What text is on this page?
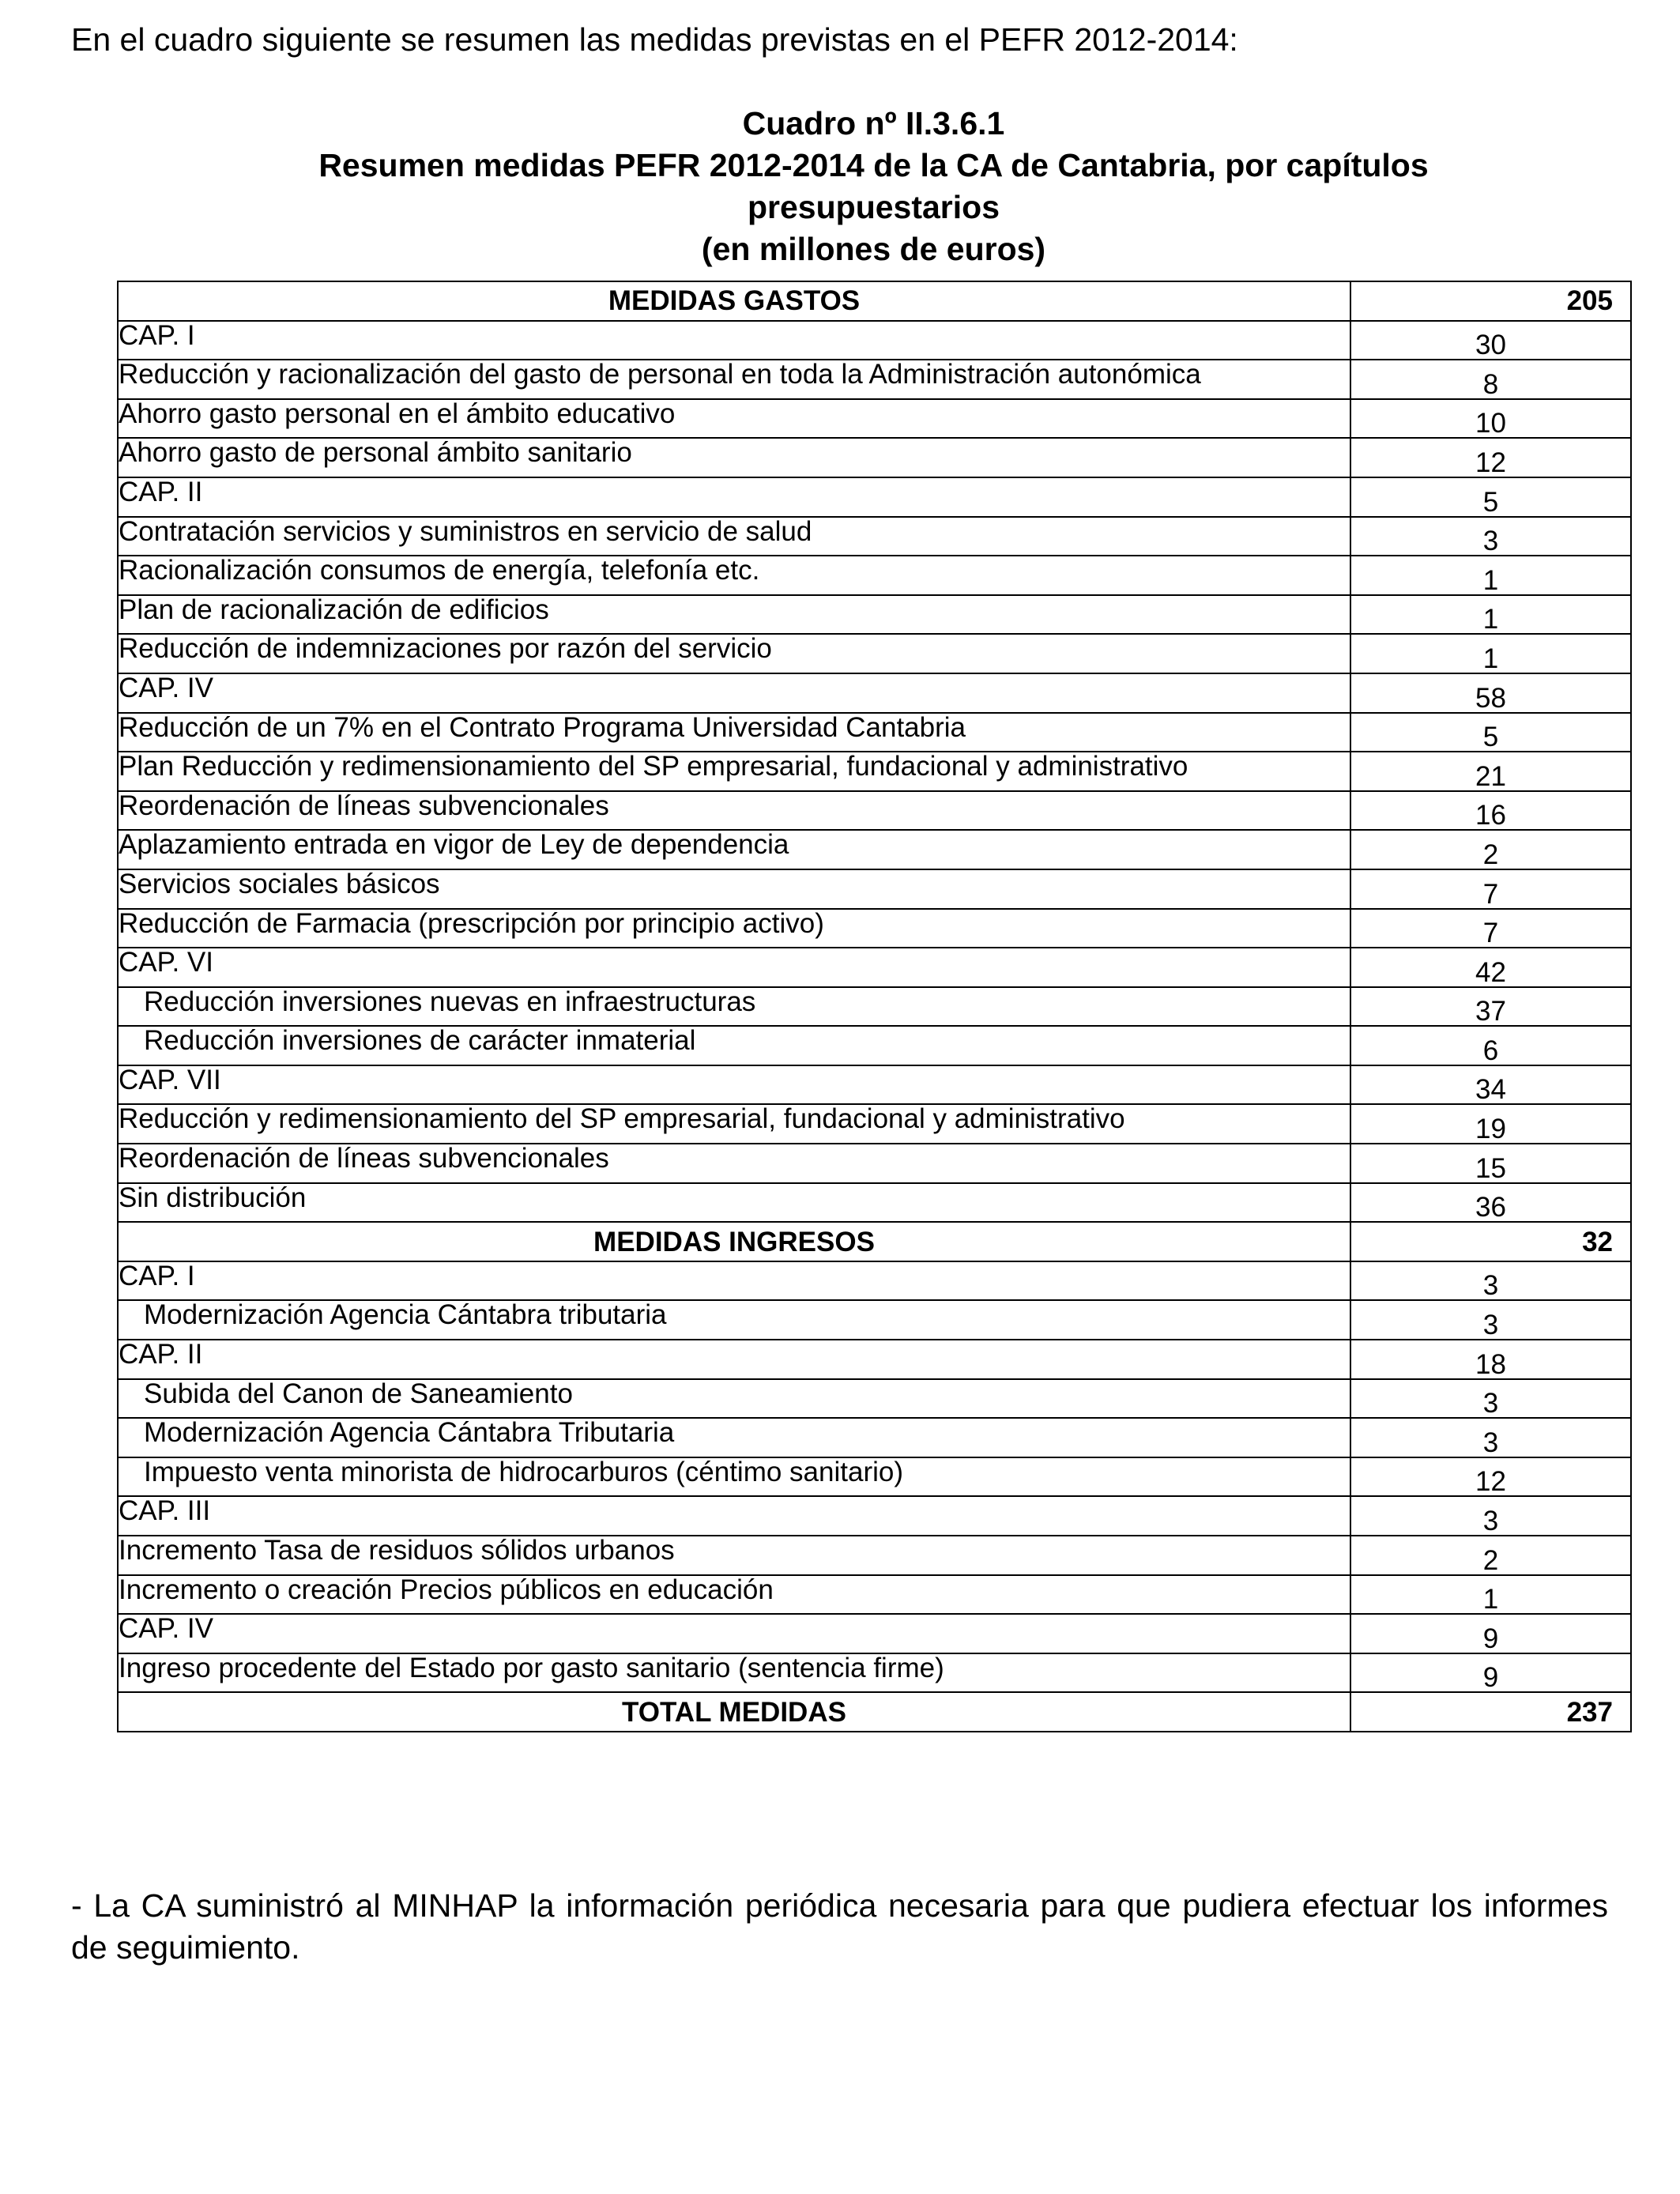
En el cuadro siguiente se resumen las medidas previstas en el PEFR 2012-2014:

Cuadro nº II.3.6.1
Resumen medidas PEFR 2012-2014 de la CA de Cantabria, por capítulos
presupuestarios
(en millones de euros)
MEDIDAS GASTOS	205
CAP. I	30
Reducción y racionalización del gasto de personal en toda la Administración autonómica	8
Ahorro gasto personal en el ámbito educativo	10
Ahorro gasto de personal ámbito sanitario	12
CAP. II	5
Contratación servicios y suministros en servicio de salud	3
Racionalización consumos de energía, telefonía etc.	1
Plan de racionalización de edificios	1
Reducción de indemnizaciones por razón del servicio	1
CAP. IV	58
Reducción de un 7% en el Contrato Programa Universidad Cantabria	5
Plan Reducción y redimensionamiento del SP empresarial, fundacional y administrativo	21
Reordenación de líneas subvencionales	16
Aplazamiento entrada en vigor de Ley de dependencia	2
Servicios sociales básicos	7
Reducción de Farmacia (prescripción por principio activo)	7
CAP. VI	42
Reducción inversiones nuevas en infraestructuras	37
Reducción inversiones de carácter inmaterial	6
CAP. VII	34
Reducción y redimensionamiento del SP empresarial, fundacional y administrativo	19
Reordenación de líneas subvencionales	15
Sin distribución	36
MEDIDAS INGRESOS	32
CAP. I	3
Modernización Agencia Cántabra tributaria	3
CAP. II	18
Subida del Canon de Saneamiento	3
Modernización Agencia Cántabra Tributaria	3
Impuesto venta minorista de hidrocarburos (céntimo sanitario)	12
CAP. III	3
Incremento Tasa de residuos sólidos urbanos	2
Incremento o creación Precios públicos en educación	1
CAP. IV	9
Ingreso procedente del Estado por gasto sanitario (sentencia firme)	9
TOTAL MEDIDAS	237

- La CA suministró al MINHAP la información periódica necesaria para que pudiera efectuar los informes de seguimiento.
